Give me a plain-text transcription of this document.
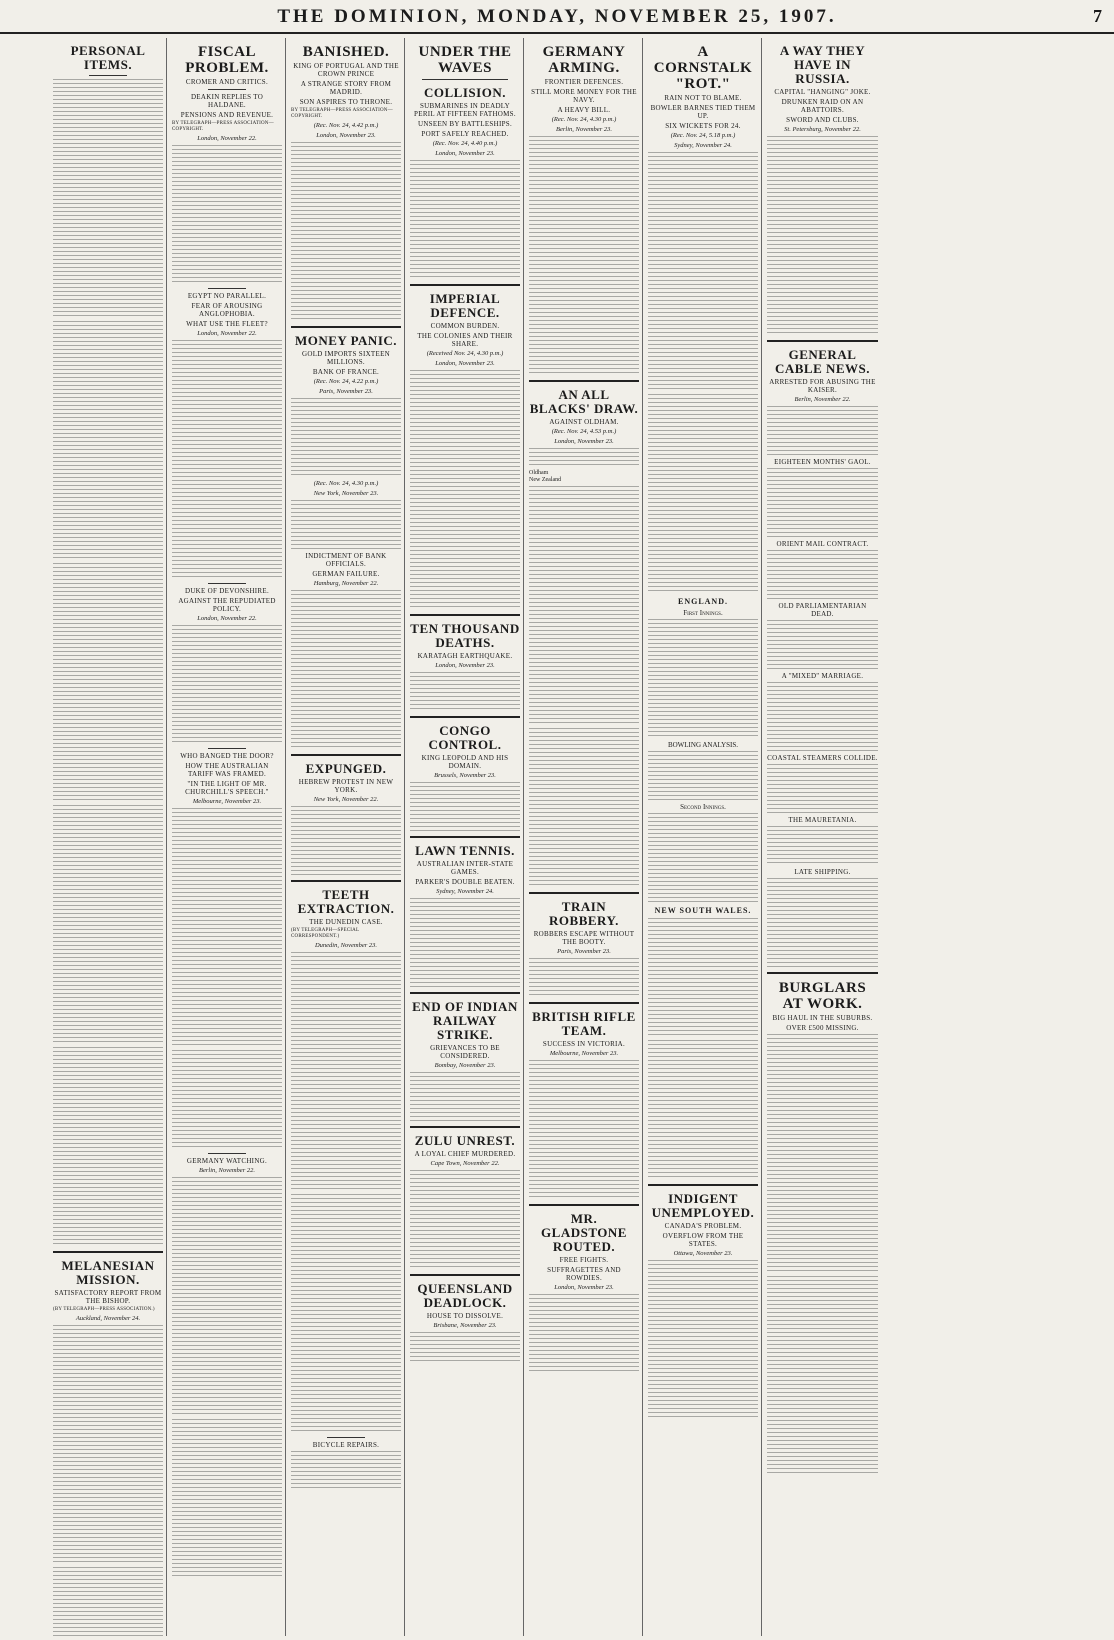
THE DOMINION, MONDAY, NOVEMBER 25, 1907.	7
PERSONAL ITEMS.
MELANESIAN MISSION.
SATISFACTORY REPORT FROM THE BISHOP.
(BY TELEGRAPH—PRESS ASSOCIATION.)
Auckland, November 24.
FISCAL PROBLEM.
CROMER AND CRITICS.
DEAKIN REPLIES TO HALDANE.
PENSIONS AND REVENUE.
BY TELEGRAPH—PRESS ASSOCIATION—COPYRIGHT.
London, November 22.
EGYPT NO PARALLEL.
FEAR OF AROUSING ANGLOPHOBIA.
WHAT USE THE FLEET?
London, November 22.
DUKE OF DEVONSHIRE.
AGAINST THE REPUDIATED POLICY.
London, November 22.
WHO BANGED THE DOOR?
HOW THE AUSTRALIAN TARIFF WAS FRAMED.
"IN THE LIGHT OF MR. CHURCHILL'S SPEECH."
Melbourne, November 23.
GERMANY WATCHING.
Berlin, November 22.
BANISHED.
KING OF PORTUGAL AND THE CROWN PRINCE
A STRANGE STORY FROM MADRID.
SON ASPIRES TO THRONE.
BY TELEGRAPH—PRESS ASSOCIATION—COPYRIGHT.
(Rec. Nov. 24, 4.42 p.m.)
London, November 23.
MONEY PANIC.
GOLD IMPORTS SIXTEEN MILLIONS.
BANK OF FRANCE.
(Rec. Nov. 24, 4.22 p.m.)
Paris, November 23.
(Rec. Nov. 24, 4.30 p.m.)
New York, November 23.
INDICTMENT OF BANK OFFICIALS.
GERMAN FAILURE.
Hamburg, November 22.
EXPUNGED.
HEBREW PROTEST IN NEW YORK.
New York, November 22.
TEETH EXTRACTION.
THE DUNEDIN CASE.
(BY TELEGRAPH—SPECIAL CORRESPONDENT.)
Dunedin, November 23.
BICYCLE REPAIRS.
UNDER THE WAVES
COLLISION.
SUBMARINES IN DEADLY PERIL AT FIFTEEN FATHOMS.
UNSEEN BY BATTLESHIPS.
PORT SAFELY REACHED.
(Rec. Nov. 24, 4.40 p.m.)
London, November 23.
IMPERIAL DEFENCE.
COMMON BURDEN.
THE COLONIES AND THEIR SHARE.
(Received Nov. 24, 4.30 p.m.)
London, November 23.
TEN THOUSAND DEATHS.
KARATAGH EARTHQUAKE.
London, November 23.
CONGO CONTROL.
KING LEOPOLD AND HIS DOMAIN.
Brussels, November 23.
LAWN TENNIS.
AUSTRALIAN INTER-STATE GAMES.
PARKER'S DOUBLE BEATEN.
Sydney, November 24.
END OF INDIAN RAILWAY STRIKE.
GRIEVANCES TO BE CONSIDERED.
Bombay, November 23.
ZULU UNREST.
A LOYAL CHIEF MURDERED.
Cape Town, November 22.
QUEENSLAND DEADLOCK.
HOUSE TO DISSOLVE.
Brisbane, November 23.
GERMANY ARMING.
FRONTIER DEFENCES.
STILL MORE MONEY FOR THE NAVY.
A HEAVY BILL.
(Rec. Nov. 24, 4.30 p.m.)
Berlin, November 23.
AN ALL BLACKS' DRAW.
AGAINST OLDHAM.
(Rec. Nov. 24, 4.53 p.m.)
London, November 23.
Oldham
New Zealand
TRAIN ROBBERY.
ROBBERS ESCAPE WITHOUT THE BOOTY.
Paris, November 23.
BRITISH RIFLE TEAM.
SUCCESS IN VICTORIA.
Melbourne, November 23.
MR. GLADSTONE ROUTED.
FREE FIGHTS.
SUFFRAGETTES AND ROWDIES.
London, November 23.
A CORNSTALK "ROT."
RAIN NOT TO BLAME.
BOWLER BARNES TIED THEM UP.
SIX WICKETS FOR 24.
(Rec. Nov. 24, 5.18 p.m.)
Sydney, November 24.
ENGLAND.
First Innings.
BOWLING ANALYSIS.
Second Innings.
NEW SOUTH WALES.
INDIGENT UNEMPLOYED.
CANADA'S PROBLEM.
OVERFLOW FROM THE STATES.
Ottawa, November 23.
A WAY THEY HAVE IN RUSSIA.
CAPITAL "HANGING" JOKE.
DRUNKEN RAID ON AN ABATTOIRS.
SWORD AND CLUBS.
St. Petersburg, November 22.
GENERAL CABLE NEWS.
ARRESTED FOR ABUSING THE KAISER.
Berlin, November 22.
EIGHTEEN MONTHS' GAOL.
ORIENT MAIL CONTRACT.
OLD PARLIAMENTARIAN DEAD.
A "MIXED" MARRIAGE.
COASTAL STEAMERS COLLIDE.
THE MAURETANIA.
LATE SHIPPING.
BURGLARS AT WORK.
BIG HAUL IN THE SUBURBS.
OVER £500 MISSING.
